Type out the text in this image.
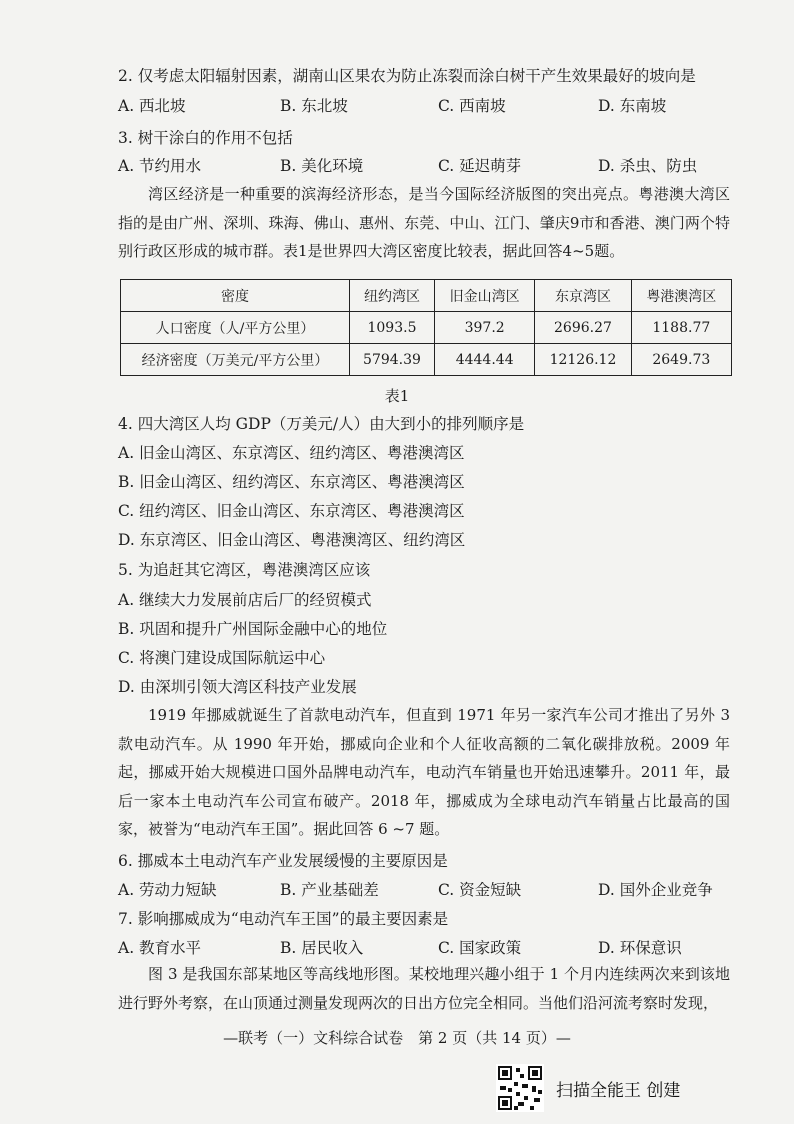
2. 仅考虑太阳辐射因素，湖南山区果农为防止冻裂而涂白树干产生效果最好的坡向是
A. 西北坡	B. 东北坡	C. 西南坡	D. 东南坡
3. 树干涂白的作用不包括
A. 节约用水	B. 美化环境	C. 延迟萌芽	D. 杀虫、防虫
湾区经济是一种重要的滨海经济形态，是当今国际经济版图的突出亮点。粤港澳大湾区指的是由广州、深圳、珠海、佛山、惠州、东莞、中山、江门、肇庆9市和香港、澳门两个特别行政区形成的城市群。表1是世界四大湾区密度比较表，据此回答4~5题。
密度	纽约湾区	旧金山湾区	东京湾区	粤港澳湾区
人口密度（人/平方公里）	1093.5	397.2	2696.27	1188.77
经济密度（万美元/平方公里）	5794.39	4444.44	12126.12	2649.73
表1
4. 四大湾区人均 GDP（万美元/人）由大到小的排列顺序是
A. 旧金山湾区、东京湾区、纽约湾区、粤港澳湾区
B. 旧金山湾区、纽约湾区、东京湾区、粤港澳湾区
C. 纽约湾区、旧金山湾区、东京湾区、粤港澳湾区
D. 东京湾区、旧金山湾区、粤港澳湾区、纽约湾区
5. 为追赶其它湾区，粤港澳湾区应该
A. 继续大力发展前店后厂的经贸模式
B. 巩固和提升广州国际金融中心的地位
C. 将澳门建设成国际航运中心
D. 由深圳引领大湾区科技产业发展
1919 年挪威就诞生了首款电动汽车，但直到 1971 年另一家汽车公司才推出了另外 3 款电动汽车。从 1990 年开始，挪威向企业和个人征收高额的二氧化碳排放税。2009 年起，挪威开始大规模进口国外品牌电动汽车，电动汽车销量也开始迅速攀升。2011 年，最后一家本土电动汽车公司宣布破产。2018 年，挪威成为全球电动汽车销量占比最高的国家，被誉为“电动汽车王国”。据此回答 6 ~7 题。
6. 挪威本土电动汽车产业发展缓慢的主要原因是
A. 劳动力短缺	B. 产业基础差	C. 资金短缺	D. 国外企业竞争
7. 影响挪威成为“电动汽车王国”的最主要因素是
A. 教育水平	B. 居民收入	C. 国家政策	D. 环保意识
图 3 是我国东部某地区等高线地形图。某校地理兴趣小组于 1 个月内连续两次来到该地进行野外考察，在山顶通过测量发现两次的日出方位完全相同。当他们沿河流考察时发现，
—联考（一）文科综合试卷　第 2 页（共 14 页）—
扫描全能王 创建
